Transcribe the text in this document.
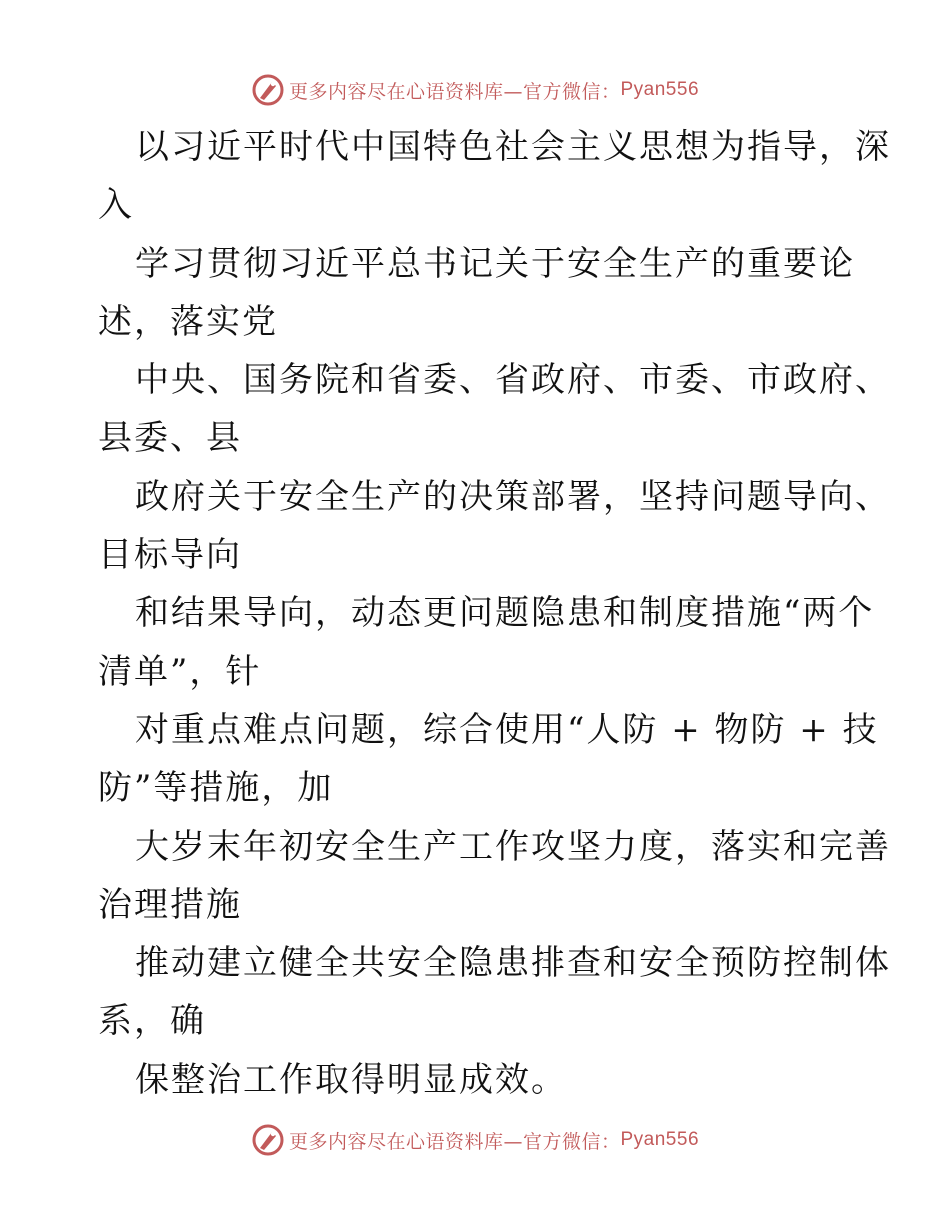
更多内容尽在心语资料库—官方微信： Pyan556
以习近平时代中国特色社会主义思想为指导，深
入
学习贯彻习近平总书记关于安全生产的重要论
述，落实党
中央、国务院和省委、省政府、市委、市政府、
县委、县
政府关于安全生产的决策部署，坚持问题导向、
目标导向
和结果导向，动态更问题隐患和制度措施“两个
清单”，针
对重点难点问题，综合使用“人防 + 物防 + 技
防”等措施，加
大岁末年初安全生产工作攻坚力度，落实和完善
治理措施
推动建立健全共安全隐患排查和安全预防控制体
系，确
保整治工作取得明显成效。
更多内容尽在心语资料库—官方微信： Pyan556
